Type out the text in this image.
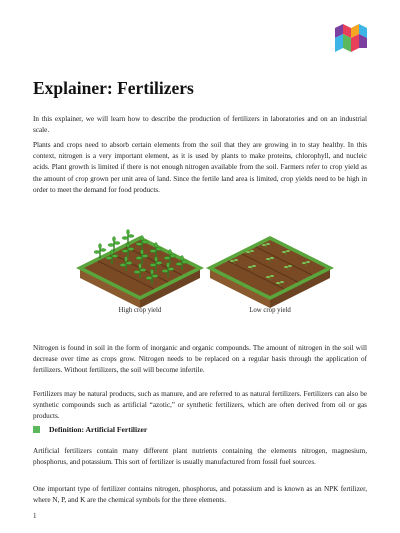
Explainer: Fertilizers

In this explainer, we will learn how to describe the production of fertilizers in laboratories and on an industrial scale.

Plants and crops need to absorb certain elements from the soil that they are growing in to stay healthy. In this context, nitrogen is a very important element, as it is used by plants to make proteins, chlorophyll, and nucleic acids. Plant growth is limited if there is not enough nitrogen available from the soil. Farmers refer to crop yield as the amount of crop grown per unit area of land. Since the fertile land area is limited, crop yields need to be high in order to meet the demand for food products.

High crop yield	Low crop yield

Nitrogen is found in soil in the form of inorganic and organic compounds. The amount of nitrogen in the soil will decrease over time as crops grow. Nitrogen needs to be replaced on a regular basis through the application of fertilizers. Without fertilizers, the soil will become infertile.

Fertilizers may be natural products, such as manure, and are referred to as natural fertilizers. Fertilizers can also be synthetic compounds such as artificial “azotic,” or synthetic fertilizers, which are often derived from oil or gas products.

Definition: Artificial Fertilizer

Artificial fertilizers contain many different plant nutrients containing the elements nitrogen, magnesium, phosphorus, and potassium. This sort of fertilizer is usually manufactured from fossil fuel sources.

One important type of fertilizer contains nitrogen, phosphorus, and potassium and is known as an NPK fertilizer, where N, P, and K are the chemical symbols for the three elements.

1
